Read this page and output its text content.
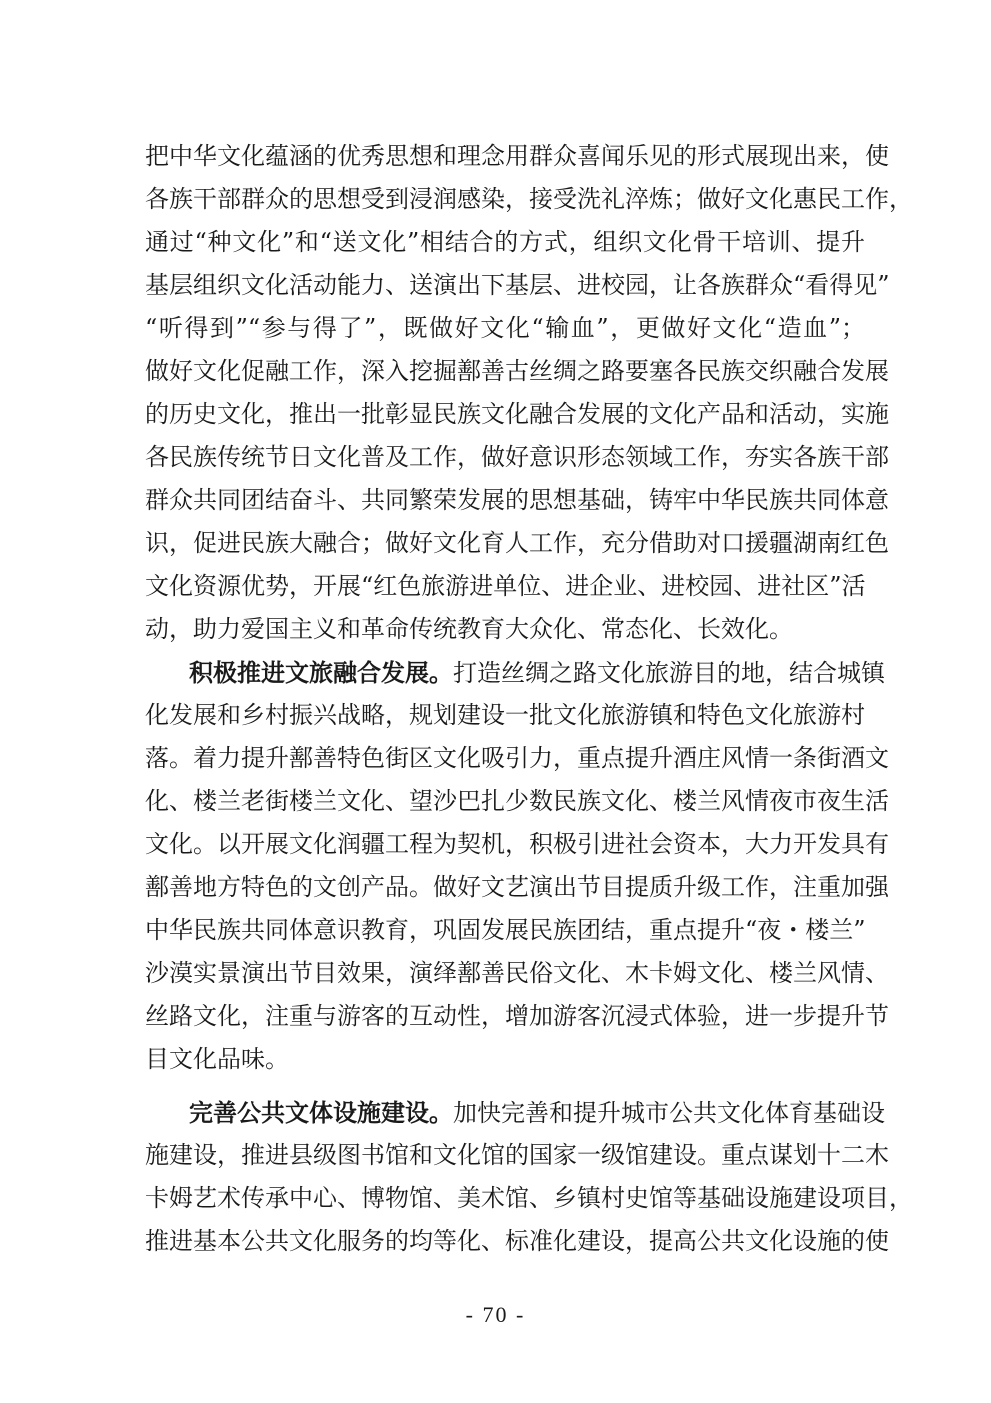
把中华文化蕴涵的优秀思想和理念用群众喜闻乐见的形式展现出来，使
各族干部群众的思想受到浸润感染，接受洗礼淬炼；做好文化惠民工作，
通过“种文化”和“送文化”相结合的方式，组织文化骨干培训、提升
基层组织文化活动能力、送演出下基层、进校园，让各族群众“看得见”
“听得到”“参与得了”，既做好文化“输血”，更做好文化“造血”；
做好文化促融工作，深入挖掘鄯善古丝绸之路要塞各民族交织融合发展
的历史文化，推出一批彰显民族文化融合发展的文化产品和活动，实施
各民族传统节日文化普及工作，做好意识形态领域工作，夯实各族干部
群众共同团结奋斗、共同繁荣发展的思想基础，铸牢中华民族共同体意
识，促进民族大融合；做好文化育人工作，充分借助对口援疆湖南红色
文化资源优势，开展“红色旅游进单位、进企业、进校园、进社区”活
动，助力爱国主义和革命传统教育大众化、常态化、长效化。
积极推进文旅融合发展。打造丝绸之路文化旅游目的地，结合城镇
化发展和乡村振兴战略，规划建设一批文化旅游镇和特色文化旅游村
落。着力提升鄯善特色街区文化吸引力，重点提升酒庄风情一条街酒文
化、楼兰老街楼兰文化、望沙巴扎少数民族文化、楼兰风情夜市夜生活
文化。以开展文化润疆工程为契机，积极引进社会资本，大力开发具有
鄯善地方特色的文创产品。做好文艺演出节目提质升级工作，注重加强
中华民族共同体意识教育，巩固发展民族团结，重点提升“夜・楼兰”
沙漠实景演出节目效果，演绎鄯善民俗文化、木卡姆文化、楼兰风情、
丝路文化，注重与游客的互动性，增加游客沉浸式体验，进一步提升节
目文化品味。
完善公共文体设施建设。加快完善和提升城市公共文化体育基础设
施建设，推进县级图书馆和文化馆的国家一级馆建设。重点谋划十二木
卡姆艺术传承中心、博物馆、美术馆、乡镇村史馆等基础设施建设项目，
推进基本公共文化服务的均等化、标准化建设，提高公共文化设施的使
- 70 -
